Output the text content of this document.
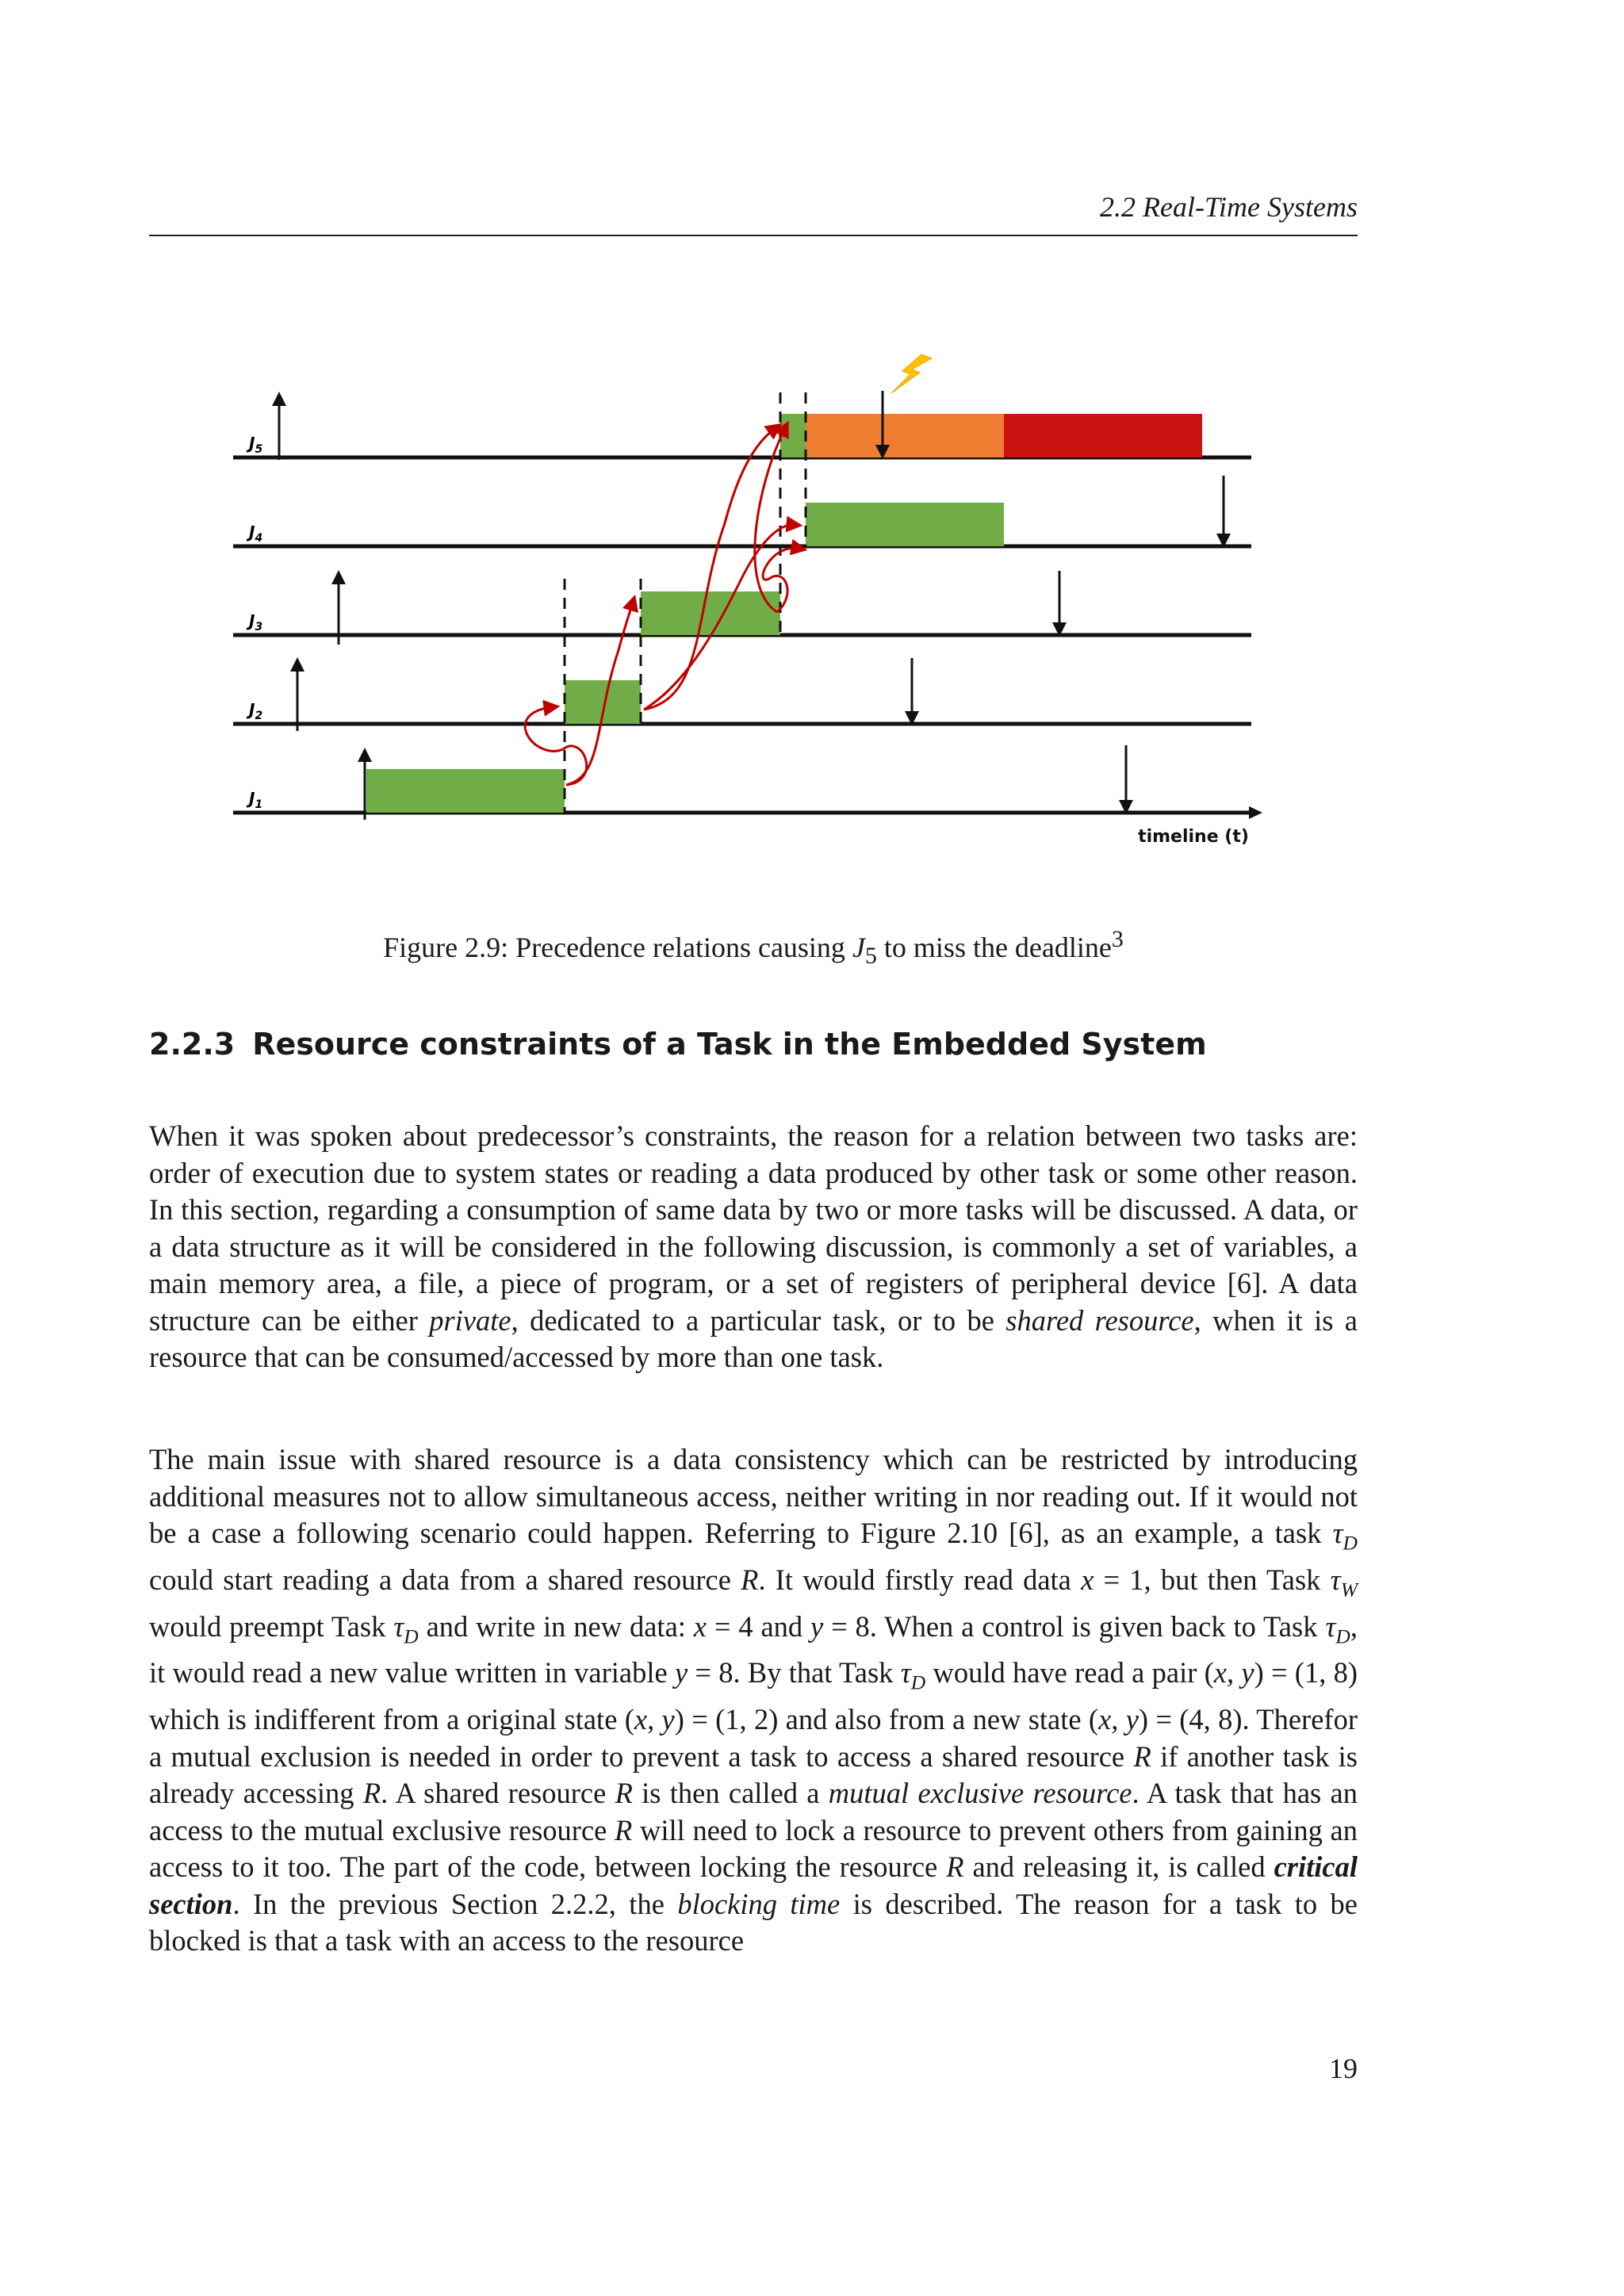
2.2 Real-Time Systems
$J_5$
$J_4$
$J_3$
$J_2$
$J_1$
timeline (t)
Figure 2.9: Precedence relations causing $J_5$ to miss the deadline$^3$
2.2.3 Resource constraints of a Task in the Embedded System

When it was spoken about predecessor’s constraints, the reason for a relation between two tasks are: order of execution due to system states or reading a data produced by other task or some other reason. In this section, regarding a consumption of same data by two or more tasks will be discussed. A data, or a data structure as it will be considered in the following discussion, is commonly a set of variables, a main memory area, a file, a piece of program, or a set of registers of peripheral device [6]. A data structure can be either private, dedicated to a particular task, or to be shared resource, when it is a resource that can be consumed/accessed by more than one task.

The main issue with shared resource is a data consistency which can be restricted by introducing additional measures not to allow simultaneous access, neither writing in nor reading out. If it would not be a case a following scenario could happen. Referring to Figure 2.10 [6], as an example, a task $\tau_D$ could start reading a data from a shared resource R. It would firstly read data x = 1, but then Task $\tau_W$ would preempt Task $\tau_D$ and write in new data: x = 4 and y = 8. When a control is given back to Task $\tau_D$, it would read a new value written in variable y = 8. By that Task $\tau_D$ would have read a pair (x, y) = (1, 8) which is indifferent from a original state (x, y) = (1, 2) and also from a new state (x, y) = (4, 8). Therefor a mutual exclusion is needed in order to prevent a task to access a shared resource R if another task is already accessing R. A shared resource R is then called a mutual exclusive resource. A task that has an access to the mutual exclusive resource R will need to lock a resource to prevent others from gaining an access to it too. The part of the code, between locking the resource R and releasing it, is called critical section. In the previous Section 2.2.2, the blocking time is described. The reason for a task to be blocked is that a task with an access to the resource

19
